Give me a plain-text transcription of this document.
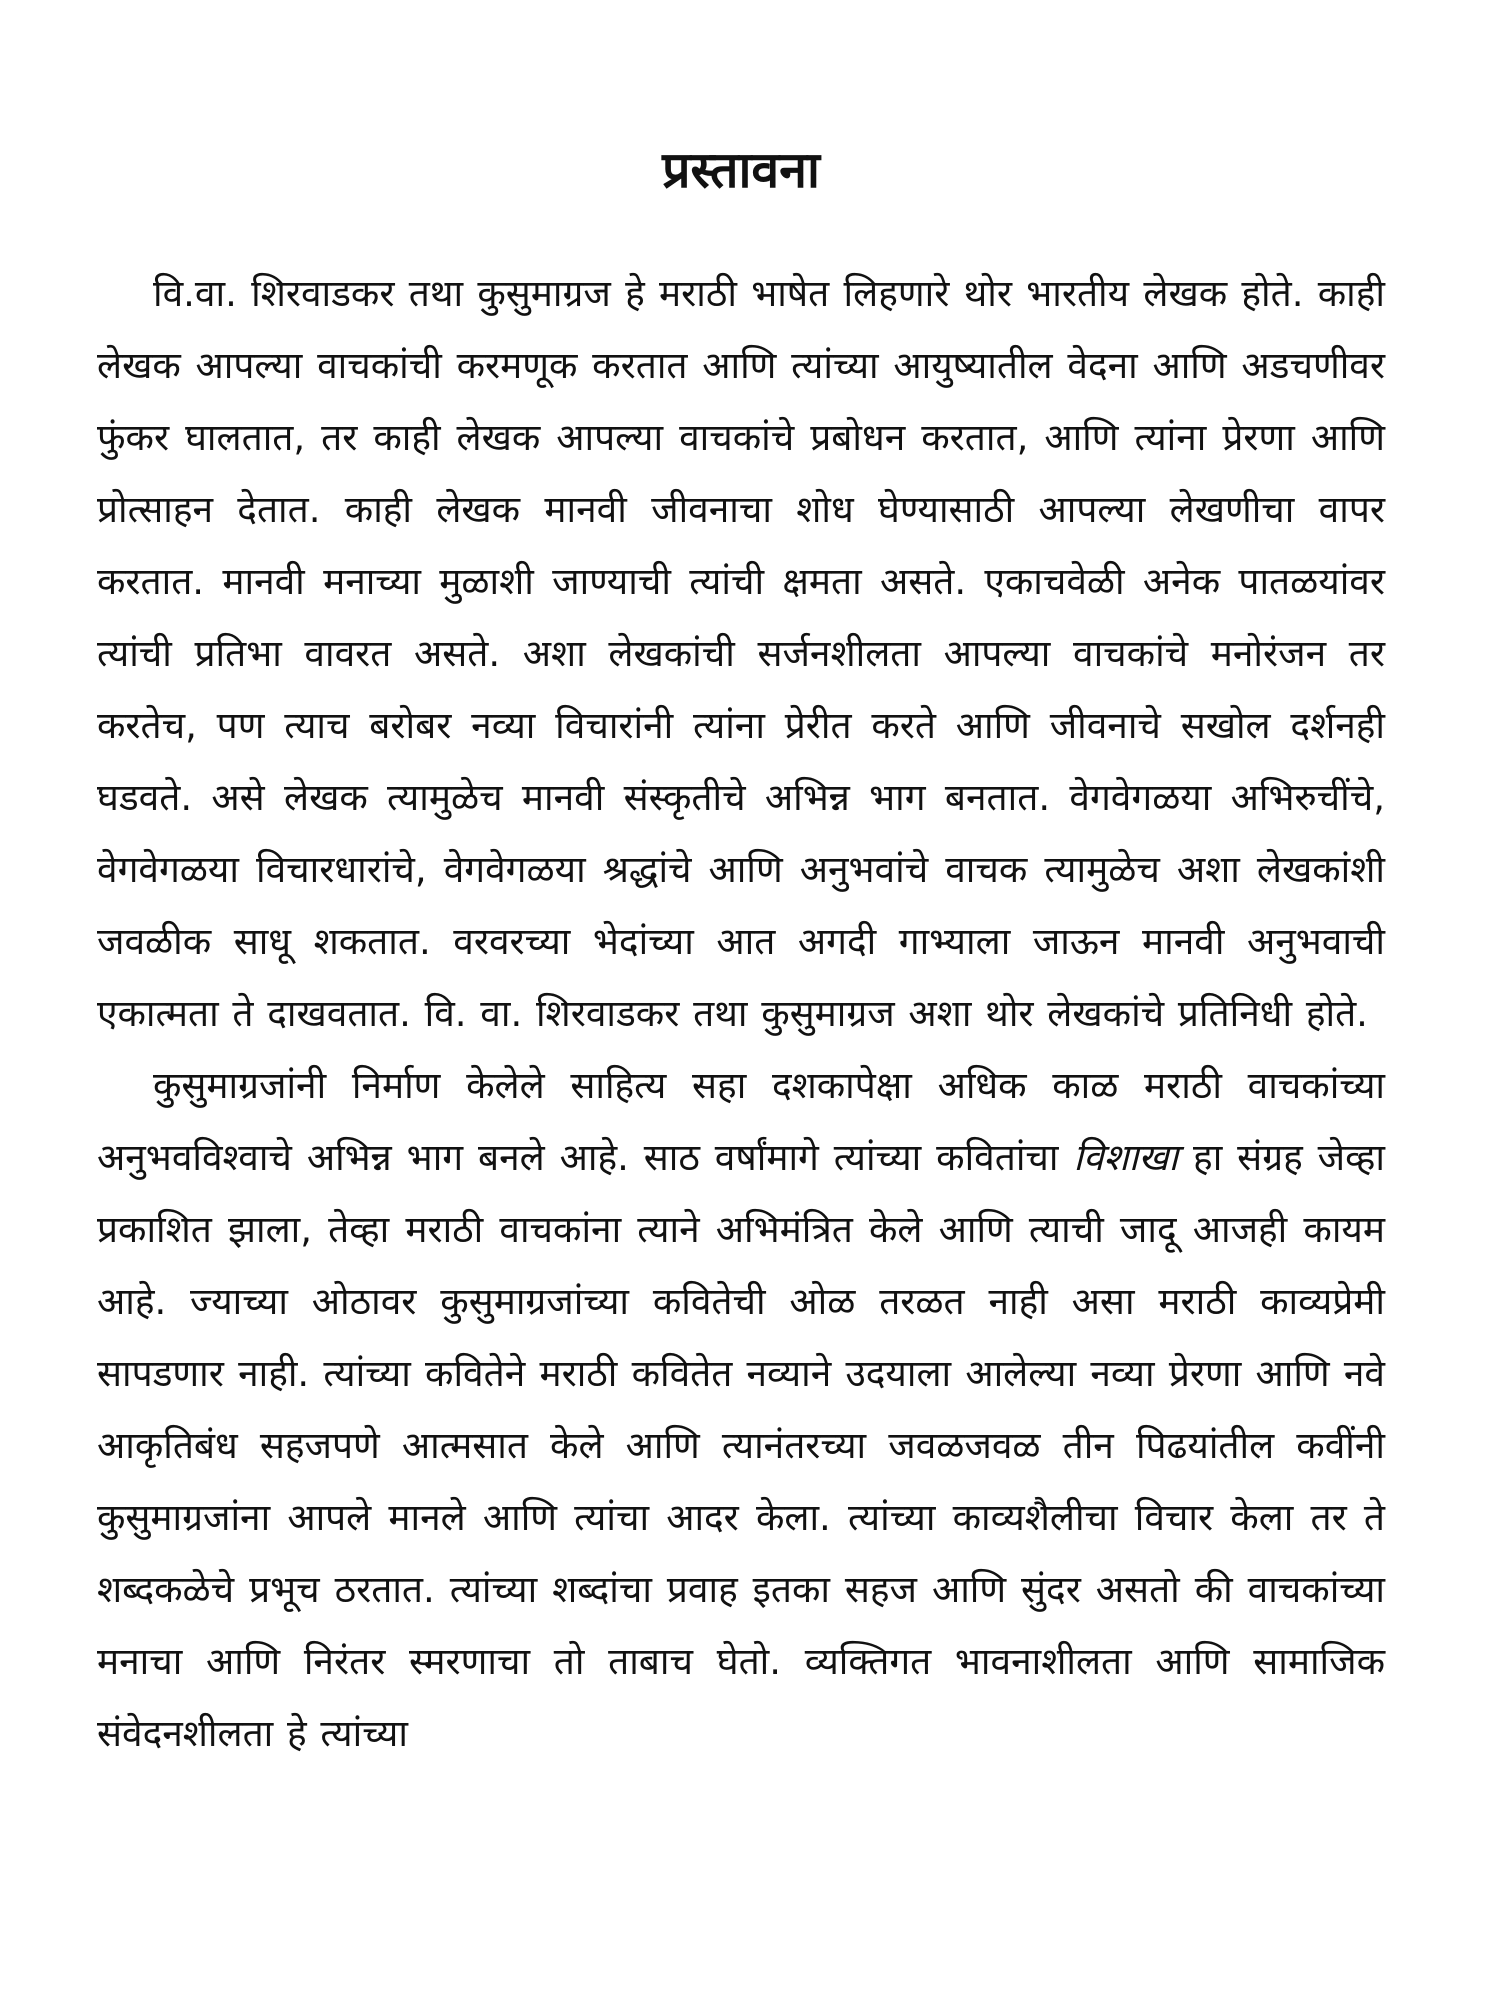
प्रस्तावना

वि.वा. शिरवाडकर तथा कुसुमाग्रज हे मराठी भाषेत लिहणारे थोर भारतीय लेखक होते. काही लेखक आपल्या वाचकांची करमणूक करतात आणि त्यांच्या आयुष्यातील वेदना आणि अडचणीवर फुंकर घालतात, तर काही लेखक आपल्या वाचकांचे प्रबोधन करतात, आणि त्यांना प्रेरणा आणि प्रोत्साहन देतात. काही लेखक मानवी जीवनाचा शोध घेण्यासाठी आपल्या लेखणीचा वापर करतात. मानवी मनाच्या मुळाशी जाण्याची त्यांची क्षमता असते. एकाचवेळी अनेक पातळयांवर त्यांची प्रतिभा वावरत असते. अशा लेखकांची सर्जनशीलता आपल्या वाचकांचे मनोरंजन तर करतेच, पण त्याच बरोबर नव्या विचारांनी त्यांना प्रेरीत करते आणि जीवनाचे सखोल दर्शनही घडवते. असे लेखक त्यामुळेच मानवी संस्कृतीचे अभिन्न भाग बनतात. वेगवेगळया अभिरुचींचे, वेगवेगळया विचारधारांचे, वेगवेगळया श्रद्धांचे आणि अनुभवांचे वाचक त्यामुळेच अशा लेखकांशी जवळीक साधू शकतात. वरवरच्या भेदांच्या आत अगदी गाभ्याला जाऊन मानवी अनुभवाची एकात्मता ते दाखवतात. वि. वा. शिरवाडकर तथा कुसुमाग्रज अशा थोर लेखकांचे प्रतिनिधी होते.

कुसुमाग्रजांनी निर्माण केलेले साहित्य सहा दशकापेक्षा अधिक काळ मराठी वाचकांच्या अनुभवविश्वाचे अभिन्न भाग बनले आहे. साठ वर्षांमागे त्यांच्या कवितांचा विशाखा हा संग्रह जेव्हा प्रकाशित झाला, तेव्हा मराठी वाचकांना त्याने अभिमंत्रित केले आणि त्याची जादू आजही कायम आहे. ज्याच्या ओठावर कुसुमाग्रजांच्या कवितेची ओळ तरळत नाही असा मराठी काव्यप्रेमी सापडणार नाही. त्यांच्या कवितेने मराठी कवितेत नव्याने उदयाला आलेल्या नव्या प्रेरणा आणि नवे आकृतिबंध सहजपणे आत्मसात केले आणि त्यानंतरच्या जवळजवळ तीन पिढयांतील कवींनी कुसुमाग्रजांना आपले मानले आणि त्यांचा आदर केला. त्यांच्या काव्यशैलीचा विचार केला तर ते शब्दकळेचे प्रभूच ठरतात. त्यांच्या शब्दांचा प्रवाह इतका सहज आणि सुंदर असतो की वाचकांच्या मनाचा आणि निरंतर स्मरणाचा तो ताबाच घेतो. व्यक्तिगत भावनाशीलता आणि सामाजिक संवेदनशीलता हे त्यांच्या
